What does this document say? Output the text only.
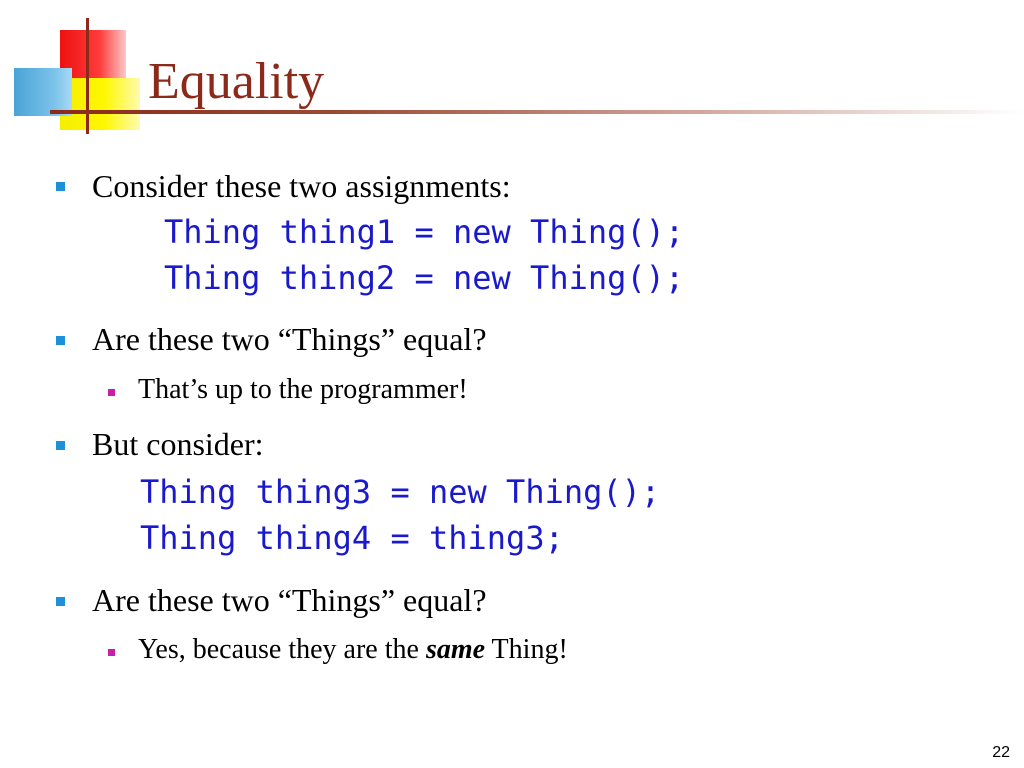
Equality
Consider these two assignments:
Thing thing1 = new Thing();
Thing thing2 = new Thing();
Are these two “Things” equal?
That’s up to the programmer!
But consider:
Thing thing3 = new Thing();
Thing thing4 = thing3;
Are these two “Things” equal?
Yes, because they are the same Thing!
22
